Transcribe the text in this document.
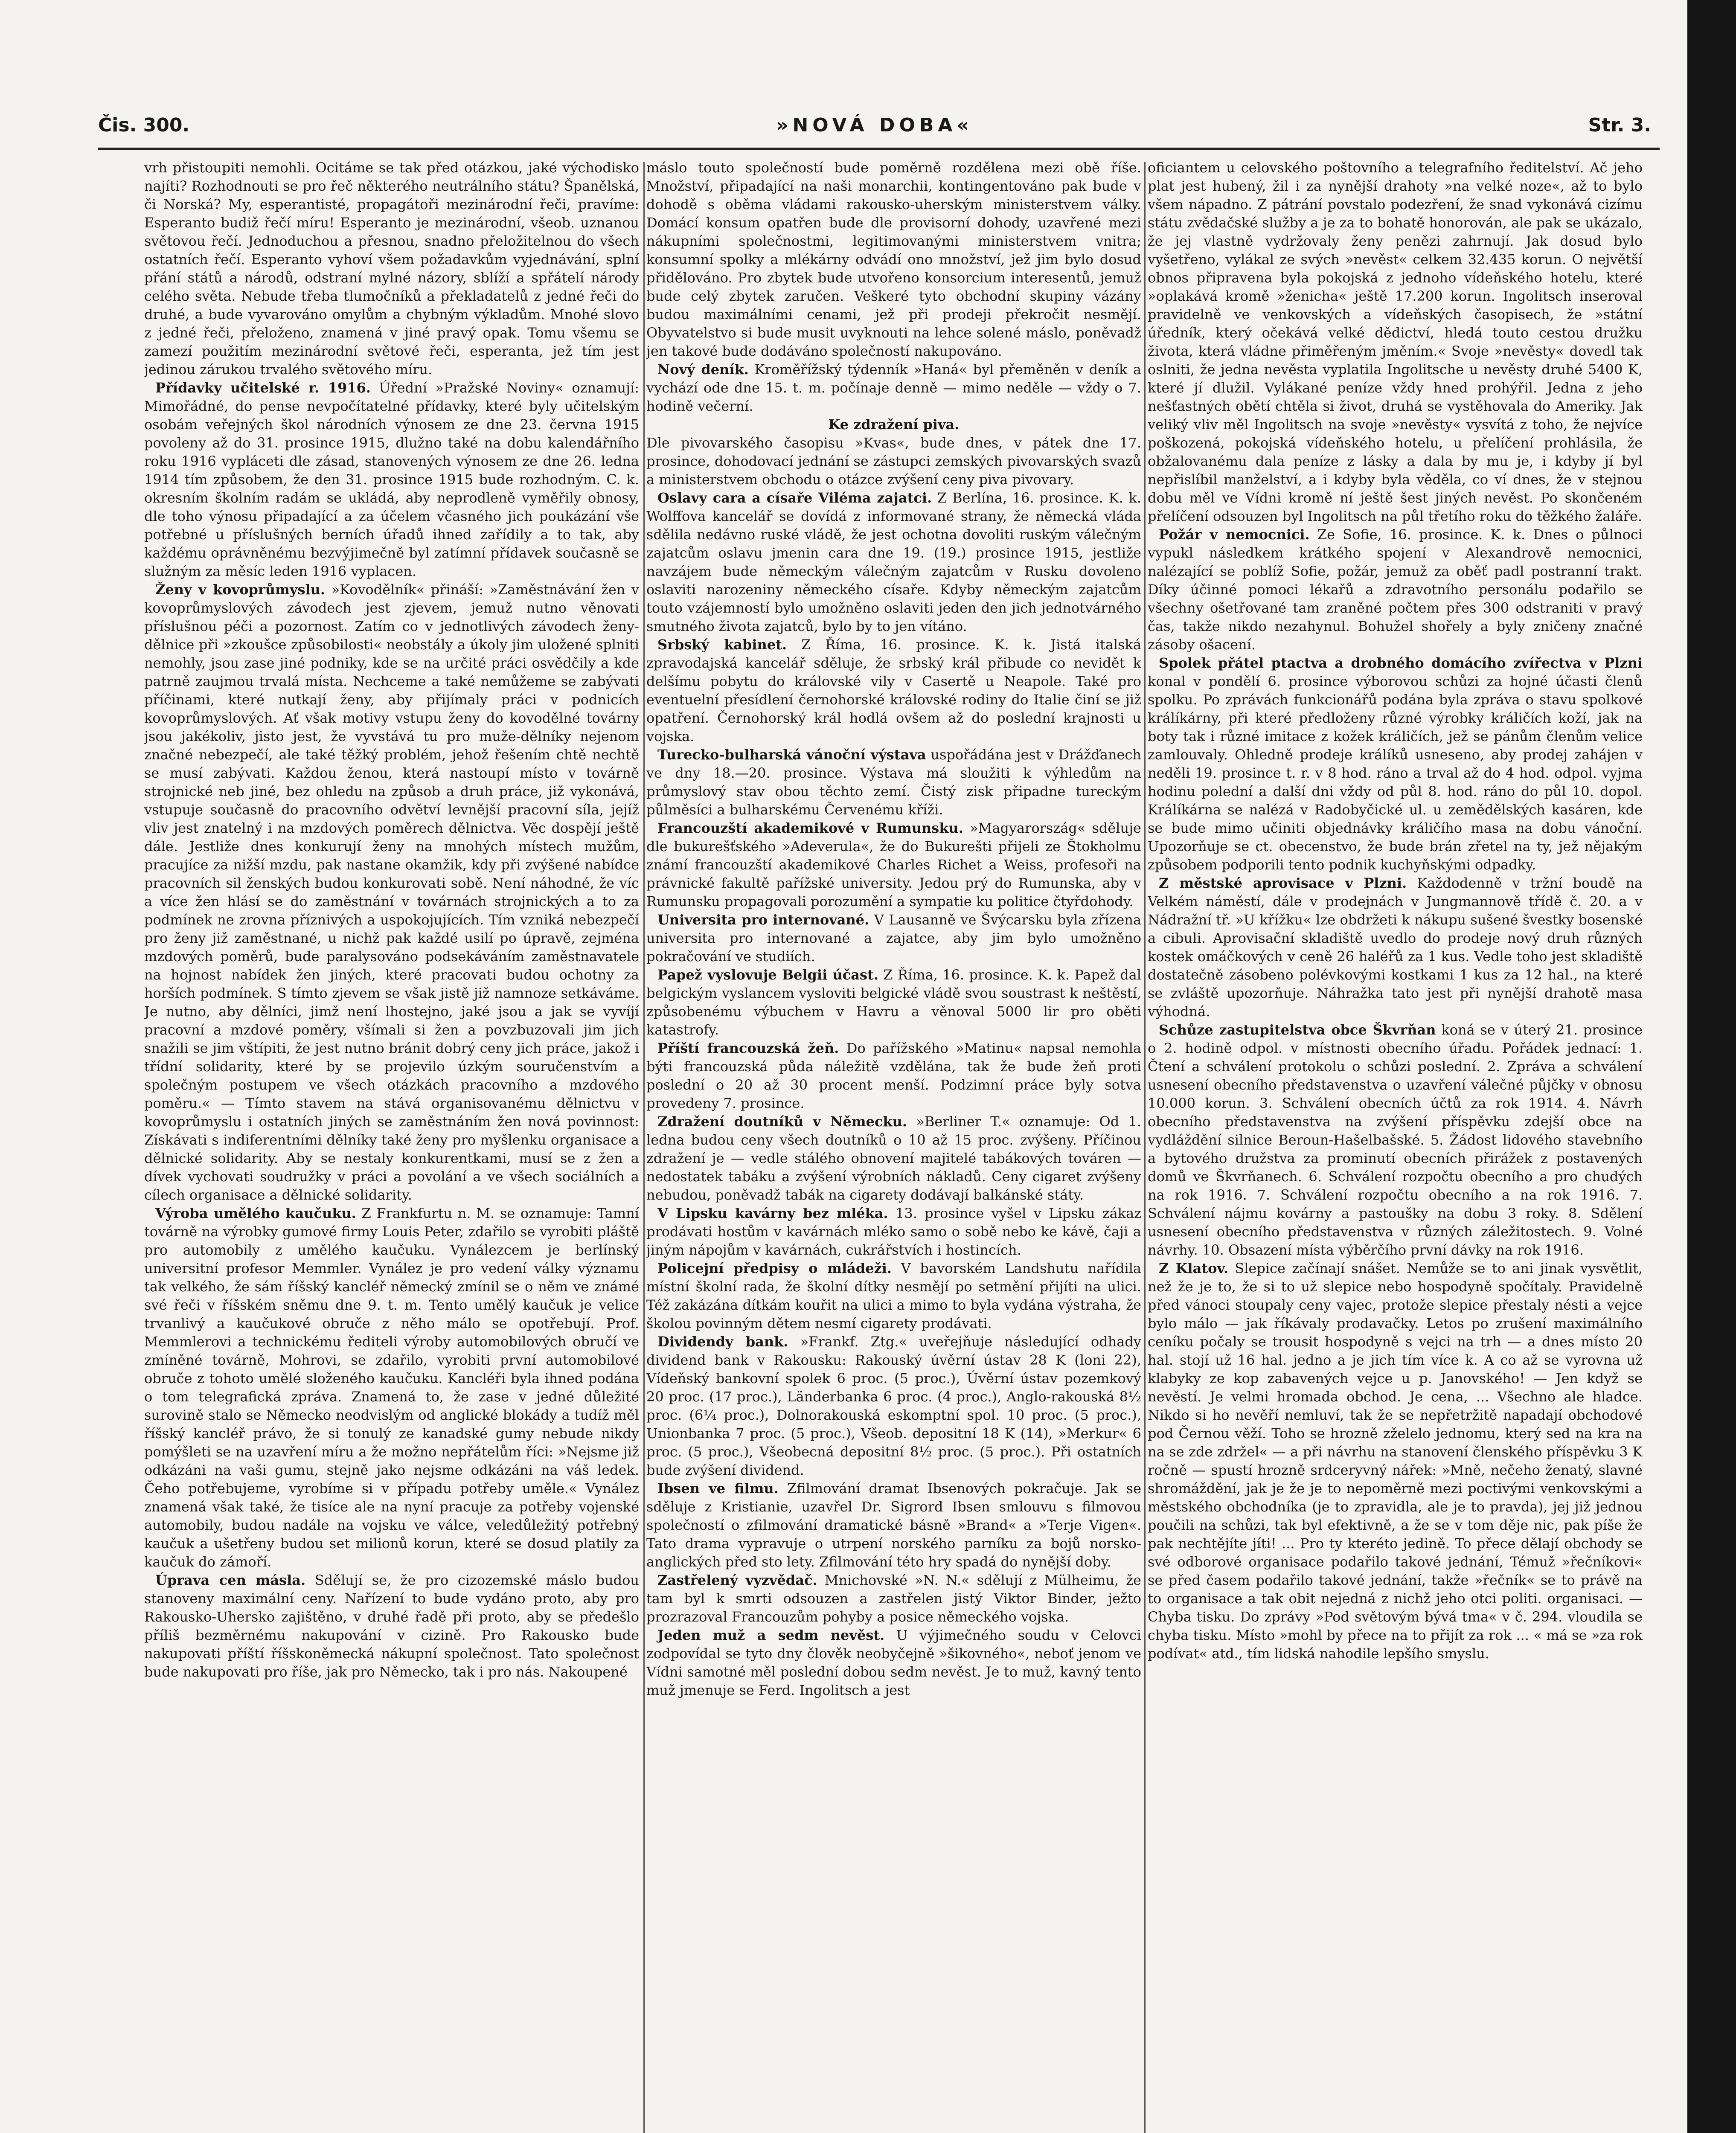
Čis. 300.	»NOVÁ DOBA«	Str. 3.

vrh přistoupiti nemohli. Ocitáme se tak před otázkou, jaké východisko najíti? Rozhodnouti se pro řeč některého neutrálního státu? Španělská, či Norská? My, esperantisté, propagátoři mezinárodní řeči, pravíme: Esperanto budiž řečí míru! Esperanto je mezinárodní, všeob. uznanou světovou řečí. Jednoduchou a přesnou, snadno přeložitelnou do všech ostatních řečí. Esperanto vyhoví všem požadavkům vyjednávání, splní přání států a národů, odstraní mylné názory, sblíží a spřátelí národy celého světa. Nebude třeba tlumočníků a překladatelů z jedné řeči do druhé, a bude vyvarováno omylům a chybným výkladům. Mnohé slovo z jedné řeči, přeloženo, znamená v jiné pravý opak. Tomu všemu se zamezí použitím mezinárodní světové řeči, esperanta, jež tím jest jedinou zárukou trvalého světového míru.

Přídavky učitelské r. 1916. Úřední »Pražské Noviny« oznamují: Mimořádné, do pense nevpočítatelné přídavky, které byly učitelským osobám veřejných škol národních výnosem ze dne 23. června 1915 povoleny až do 31. prosince 1915, dlužno také na dobu kalendářního roku 1916 vypláceti dle zásad, stanovených výnosem ze dne 26. ledna 1914 tím způsobem, že den 31. prosince 1915 bude rozhodným. C. k. okresním školním radám se ukládá, aby neprodleně vyměřily obnosy, dle toho výnosu připadající a za účelem včasného jich poukázání vše potřebné u příslušných berních úřadů ihned zařídily a to tak, aby každému oprávněnému bezvýjimečně byl zatímní přídavek současně se služným za měsíc leden 1916 vyplacen.

Ženy v kovoprůmyslu. »Kovodělník« přináší: »Zaměstnávání žen v kovoprůmyslových závodech jest zjevem, jemuž nutno věnovati příslušnou péči a pozornost. Zatím co v jednotlivých závodech ženy-dělnice při »zkoušce způsobilosti« neobstály a úkoly jim uložené splniti nemohly, jsou zase jiné podniky, kde se na určité práci osvědčily a kde patrně zaujmou trvalá místa. Nechceme a také nemůžeme se zabývati příčinami, které nutkají ženy, aby přijímaly práci v podnicích kovoprůmyslových. Ať však motivy vstupu ženy do kovodělné továrny jsou jakékoliv, jisto jest, že vyvstává tu pro muže-dělníky nejenom značné nebezpečí, ale také těžký problém, jehož řešením chtě nechtě se musí zabývati. Každou ženou, která nastoupí místo v továrně strojnické neb jiné, bez ohledu na způsob a druh práce, již vykonává, vstupuje současně do pracovního odvětví levnější pracovní síla, jejíž vliv jest znatelný i na mzdových poměrech dělnictva. Věc dospějí ještě dále. Jestliže dnes konkurují ženy na mnohých místech mužům, pracujíce za nižší mzdu, pak nastane okamžik, kdy při zvýšené nabídce pracovních sil ženských budou konkurovati sobě. Není náhodné, že víc a více žen hlásí se do zaměstnání v továrnách strojnických a to za podmínek ne zrovna příznivých a uspokojujících. Tím vzniká nebezpečí pro ženy již zaměstnané, u nichž pak každé usilí po úpravě, zejména mzdových poměrů, bude paralysováno podsekáváním zaměstnavatele na hojnost nabídek žen jiných, které pracovati budou ochotny za horších podmínek. S tímto zjevem se však jistě již namnoze setkáváme. Je nutno, aby dělníci, jimž není lhostejno, jaké jsou a jak se vyvíjí pracovní a mzdové poměry, všímali si žen a povzbuzovali jim jich snažili se jim vštípiti, že jest nutno bránit dobrý ceny jich práce, jakož i třídní solidarity, které by se projevilo úzkým souručenstvím a společným postupem ve všech otázkách pracovního a mzdového poměru.« — Tímto stavem na stává organisovanému dělnictvu v kovoprůmyslu i ostatních jiných se zaměstnáním žen nová povinnost: Získávati s indiferentními dělníky také ženy pro myšlenku organisace a dělnické solidarity. Aby se nestaly konkurentkami, musí se z žen a dívek vychovati soudružky v práci a povolání a ve všech sociálních a cílech organisace a dělnické solidarity.

Výroba umělého kaučuku. Z Frankfurtu n. M. se oznamuje: Tamní továrně na výrobky gumové firmy Louis Peter, zdařilo se vyrobiti pláště pro automobily z umělého kaučuku. Vynálezcem je berlínský universitní profesor Memmler. Vynález je pro vedení války významu tak velkého, že sám říšský kancléř německý zmínil se o něm ve známé své řeči v říšském sněmu dne 9. t. m. Tento umělý kaučuk je velice trvanlivý a kaučukové obruče z něho málo se opotřebují. Prof. Memmlerovi a technickému řediteli výroby automobilových obručí ve zmíněné továrně, Mohrovi, se zdařilo, vyrobiti první automobilové obruče z tohoto umělé složeného kaučuku. Kancléři byla ihned podána o tom telegrafická zpráva. Znamená to, že zase v jedné důležité surovině stalo se Německo neodvislým od anglické blokády a tudíž měl říšský kancléř právo, že si tonulý ze kanadské gumy nebude nikdy pomýšleti se na uzavření míru a že možno nepřátelům říci: »Nejsme již odkázáni na vaši gumu, stejně jako nejsme odkázáni na váš ledek. Čeho potřebujeme, vyrobíme si v případu potřeby uměle.« Vynález znamená však také, že tisíce ale na nyní pracuje za potřeby vojenské automobily, budou nadále na vojsku ve válce, veledůležitý potřebný kaučuk a ušetřeny budou set milionů korun, které se dosud platily za kaučuk do zámoří.

Úprava cen másla. Sdělují se, že pro cizozemské máslo budou stanoveny maximální ceny. Nařízení to bude vydáno proto, aby pro Rakousko-Uhersko zajištěno, v druhé řadě při proto, aby se předešlo příliš bezměrnému nakupování v cizině. Pro Rakousko bude nakupovati příští říšskoněmecká nákupní společnost. Tato společnost bude nakupovati pro říše, jak pro Německo, tak i pro nás. Nakoupené

máslo touto společností bude poměrně rozdělena mezi obě říše. Množství, připadající na naši monarchii, kontingentováno pak bude v dohodě s oběma vládami rakousko-uherským ministerstvem války. Domácí konsum opatřen bude dle provisorní dohody, uzavřené mezi nákupními společnostmi, legitimovanými ministerstvem vnitra; konsumní spolky a mlékárny odvádí ono množství, jež jim bylo dosud přidělováno. Pro zbytek bude utvořeno konsorcium interesentů, jemuž bude celý zbytek zaručen. Veškeré tyto obchodní skupiny vázány budou maximálními cenami, jež při prodeji překročit nesmějí. Obyvatelstvo si bude musit uvyknouti na lehce solené máslo, poněvadž jen takové bude dodáváno společností nakupováno.

Nový deník. Kroměřížský týdenník »Haná« byl přeměněn v deník a vychází ode dne 15. t. m. počínaje denně — mimo neděle — vždy o 7. hodině večerní.

Ke zdražení piva.
Dle pivovarského časopisu »Kvas«, bude dnes, v pátek dne 17. prosince, dohodovací jednání se zástupci zemských pivovarských svazů a ministerstvem obchodu o otázce zvýšení ceny piva pivovary.

Oslavy cara a císaře Viléma zajatci. Z Berlína, 16. prosince. K. k. Wolffova kancelář se dovídá z informované strany, že německá vláda sdělila nedávno ruské vládě, že jest ochotna dovoliti ruským válečným zajatcům oslavu jmenin cara dne 19. (19.) prosince 1915, jestliže navzájem bude německým válečným zajatcům v Rusku dovoleno oslaviti narozeniny německého císaře. Kdyby německým zajatcům touto vzájemností bylo umožněno oslaviti jeden den jich jednotvárného smutného života zajatců, bylo by to jen vítáno.

Srbský kabinet. Z Říma, 16. prosince. K. k. Jistá italská zpravodajská kancelář sděluje, že srbský král přibude co nevidět k delšímu pobytu do královské vily v Casertě u Neapole. Také pro eventuelní přesídlení černohorské královské rodiny do Italie činí se již opatření. Černohorský král hodlá ovšem až do poslední krajnosti u vojska.

Turecko-bulharská vánoční výstava uspořádána jest v Drážďanech ve dny 18.—20. prosince. Výstava má sloužiti k výhledům na průmyslový stav obou těchto zemí. Čistý zisk připadne tureckým půlměsíci a bulharskému Červenému kříži.

Francouzští akademikové v Rumunsku. »Magyarország« sděluje dle bukurešťského »Adeverula«, že do Bukurešti přijeli ze Štokholmu známí francouzští akademikové Charles Richet a Weiss, profesoři na právnické fakultě pařížské university. Jedou prý do Rumunska, aby v Rumunsku propagovali porozumění a sympatie ku politice čtyřdohody.

Universita pro internované. V Lausanně ve Švýcarsku byla zřízena universita pro internované a zajatce, aby jim bylo umožněno pokračování ve studiích.

Papež vyslovuje Belgii účast. Z Říma, 16. prosince. K. k. Papež dal belgickým vyslancem vysloviti belgické vládě svou soustrast k neštěstí, způsobenému výbuchem v Havru a věnoval 5000 lir pro oběti katastrofy.

Příští francouzská žeň. Do pařížského »Matinu« napsal nemohla býti francouzská půda náležitě vzdělána, tak že bude žeň proti poslední o 20 až 30 procent menší. Podzimní práce byly sotva provedeny 7. prosince.

Zdražení doutníků v Německu. »Berliner T.« oznamuje: Od 1. ledna budou ceny všech doutníků o 10 až 15 proc. zvýšeny. Příčinou zdražení je — vedle stálého obnovení majitelé tabákových továren — nedostatek tabáku a zvýšení výrobních nákladů. Ceny cigaret zvýšeny nebudou, poněvadž tabák na cigarety dodávají balkánské státy.

V Lipsku kavárny bez mléka. 13. prosince vyšel v Lipsku zákaz prodávati hostům v kavárnách mléko samo o sobě nebo ke kávě, čaji a jiným nápojům v kavárnách, cukrářstvích i hostincích.

Policejní předpisy o mládeži. V bavorském Landshutu nařídila místní školní rada, že školní dítky nesmějí po setmění přijíti na ulici. Též zakázána dítkám kouřit na ulici a mimo to byla vydána výstraha, že školou povinným dětem nesmí cigarety prodávati.

Dividendy bank. »Frankf. Ztg.« uveřejňuje následující odhady dividend bank v Rakousku: Rakouský úvěrní ústav 28 K (loni 22), Vídeňský bankovní spolek 6 proc. (5 proc.), Úvěrní ústav pozemkový 20 proc. (17 proc.), Länderbanka 6 proc. (4 proc.), Anglo-rakouská 8½ proc. (6¼ proc.), Dolnorakouská eskomptní spol. 10 proc. (5 proc.), Unionbanka 7 proc. (5 proc.), Všeob. depositní 18 K (14), »Merkur« 6 proc. (5 proc.), Všeobecná depositní 8½ proc. (5 proc.). Při ostatních bude zvýšení dividend.

Ibsen ve filmu. Zfilmování dramat Ibsenových pokračuje. Jak se sděluje z Kristianie, uzavřel Dr. Sigrord Ibsen smlouvu s filmovou společností o zfilmování dramatické básně »Brand« a »Terje Vigen«. Tato drama vypravuje o utrpení norského parníku za bojů norsko-anglických před sto lety. Zfilmování této hry spadá do nynější doby.

Zastřelený vyzvědač. Mnichovské »N. N.« sdělují z Mülheimu, že tam byl k smrti odsouzen a zastřelen jistý Viktor Binder, ježto prozrazoval Francouzům pohyby a posice německého vojska.

Jeden muž a sedm nevěst. U výjimečného soudu v Celovci zodpovídal se tyto dny člověk neobyčejně »šikovného«, neboť jenom ve Vídni samotné měl poslední dobou sedm nevěst. Je to muž, kavný tento muž jmenuje se Ferd. Ingolitsch a jest

oficiantem u celovského poštovního a telegrafního ředitelství. Ač jeho plat jest hubený, žil i za nynější drahoty »na velké noze«, až to bylo všem nápadno. Z pátrání povstalo podezření, že snad vykonává cizímu státu zvědačské služby a je za to bohatě honorován, ale pak se ukázalo, že jej vlastně vydržovaly ženy penězi zahrnují. Jak dosud bylo vyšetřeno, vylákal ze svých »nevěst« celkem 32.435 korun. O největší obnos připravena byla pokojská z jednoho vídeňského hotelu, které »oplakává kromě »ženicha« ještě 17.200 korun. Ingolitsch inseroval pravidelně ve venkovských a vídeňských časopisech, že »státní úředník, který očekává velké dědictví, hledá touto cestou družku života, která vládne přiměřeným jměním.« Svoje »nevěsty« dovedl tak oslniti, že jedna nevěsta vyplatila Ingolitsche u nevěsty druhé 5400 K, které jí dlužil. Vylákané peníze vždy hned prohýřil. Jedna z jeho nešťastných obětí chtěla si život, druhá se vystěhovala do Ameriky. Jak veliký vliv měl Ingolitsch na svoje »nevěsty« vysvítá z toho, že nejvíce poškozená, pokojská vídeňského hotelu, u přelíčení prohlásila, že obžalovanému dala peníze z lásky a dala by mu je, i kdyby jí byl nepřislíbil manželství, a i kdyby byla věděla, co ví dnes, že v stejnou dobu měl ve Vídni kromě ní ještě šest jiných nevěst. Po skončeném přelíčení odsouzen byl Ingolitsch na půl třetího roku do těžkého žaláře.

Požár v nemocnici. Ze Sofie, 16. prosince. K. k. Dnes o půlnoci vypukl následkem krátkého spojení v Alexandrově nemocnici, nalézající se poblíž Sofie, požár, jemuž za oběť padl postranní trakt. Díky účinné pomoci lékařů a zdravotního personálu podařilo se všechny ošetřované tam zraněné počtem přes 300 odstraniti v pravý čas, takže nikdo nezahynul. Bohužel shořely a byly zničeny značné zásoby ošacení.

Spolek přátel ptactva a drobného domácího zvířectva v Plzni konal v pondělí 6. prosince výborovou schůzi za hojné účasti členů spolku. Po zprávách funkcionářů podána byla zpráva o stavu spolkové králíkárny, při které předloženy různé výrobky králičích koží, jak na boty tak i různé imitace z kožek králičích, jež se pánům členům velice zamlouvaly. Ohledně prodeje králíků usneseno, aby prodej zahájen v neděli 19. prosince t. r. v 8 hod. ráno a trval až do 4 hod. odpol. vyjma hodinu polední a další dni vždy od půl 8. hod. ráno do půl 10. dopol. Králíkárna se nalézá v Radobyčické ul. u zemědělských kasáren, kde se bude mimo učiniti objednávky králičího masa na dobu vánoční. Upozorňuje se ct. obecenstvo, že bude brán zřetel na ty, jež nějakým způsobem podporili tento podnik kuchyňskými odpadky.

Z městské aprovisace v Plzni. Každodenně v tržní boudě na Velkém náměstí, dále v prodejnách v Jungmannově třídě č. 20. a v Nádražní tř. »U křížku« lze obdržeti k nákupu sušené švestky bosenské a cibuli. Aprovisační skladiště uvedlo do prodeje nový druh různých kostek omáčkových v ceně 26 haléřů za 1 kus. Vedle toho jest skladiště dostatečně zásobeno polévkovými kostkami 1 kus za 12 hal., na které se zvláště upozorňuje. Náhražka tato jest při nynější drahotě masa výhodná.

Schůze zastupitelstva obce Škvrňan koná se v úterý 21. prosince o 2. hodině odpol. v místnosti obecního úřadu. Pořádek jednací: 1. Čtení a schválení protokolu o schůzi poslední. 2. Zpráva a schválení usnesení obecního představenstva o uzavření válečné půjčky v obnosu 10.000 korun. 3. Schválení obecních účtů za rok 1914. 4. Návrh obecního představenstva na zvýšení příspěvku zdejší obce na vydláždění silnice Beroun-Hašelbašské. 5. Žádost lidového stavebního a bytového družstva za prominutí obecních přirážek z postavených domů ve Škvrňanech. 6. Schválení rozpočtu obecního a pro chudých na rok 1916. 7. Schválení rozpočtu obecního a na rok 1916. 7. Schválení nájmu kovárny a pastoušky na dobu 3 roky. 8. Sdělení usnesení obecního představenstva v různých záležitostech. 9. Volné návrhy. 10. Obsazení místa výběrčího první dávky na rok 1916.

Z Klatov. Slepice začínají snášet. Nemůže se to ani jinak vysvětlit, než že je to, že si to už slepice nebo hospodyně spočítaly. Pravidelně před vánoci stoupaly ceny vajec, protože slepice přestaly nésti a vejce bylo málo — jak říkávaly prodavačky. Letos po zrušení maximálního ceníku počaly se trousit hospodyně s vejci na trh — a dnes místo 20 hal. stojí už 16 hal. jedno a je jich tím více k. A co až se vyrovna už klabyky ze kop zabavených vejce u p. Janovského! — Jen když se nevěstí. Je velmi hromada obchod. Je cena, ... Všechno ale hladce. Nikdo si ho nevěří nemluví, tak že se nepřetržitě napadají obchodové pod Černou věží. Toho se hrozně zželelo jednomu, který sed na kra na na se zde zdržel« — a při návrhu na stanovení členského příspěvku 3 K ročně — spustí hrozně srdceryvný nářek: »Mně, nečeho ženatý, slavné shromáždění, jak je že je to nepoměrně mezi poctivými venkovskými a městského obchodníka (je to zpravidla, ale je to pravda), jej již jednou poučili na schůzi, tak byl efektivně, a že se v tom děje nic, pak píše že pak nechtějíte jíti! ... Pro ty kteréto jedině. To přece dělají obchody se své odborové organisace podařilo takové jednání, Témuž »řečníkovi« se před časem podařilo takové jednání, takže »řečník« se to právě na to organisace a tak obit nejedná z nichž jeho otci politi. organisaci. — Chyba tisku. Do zprávy »Pod světovým bývá tma« v č. 294. vloudila se chyba tisku. Místo »mohl by přece na to přijít za rok ... « má se »za rok podívat« atd., tím lidská nahodile lepšího smyslu.
